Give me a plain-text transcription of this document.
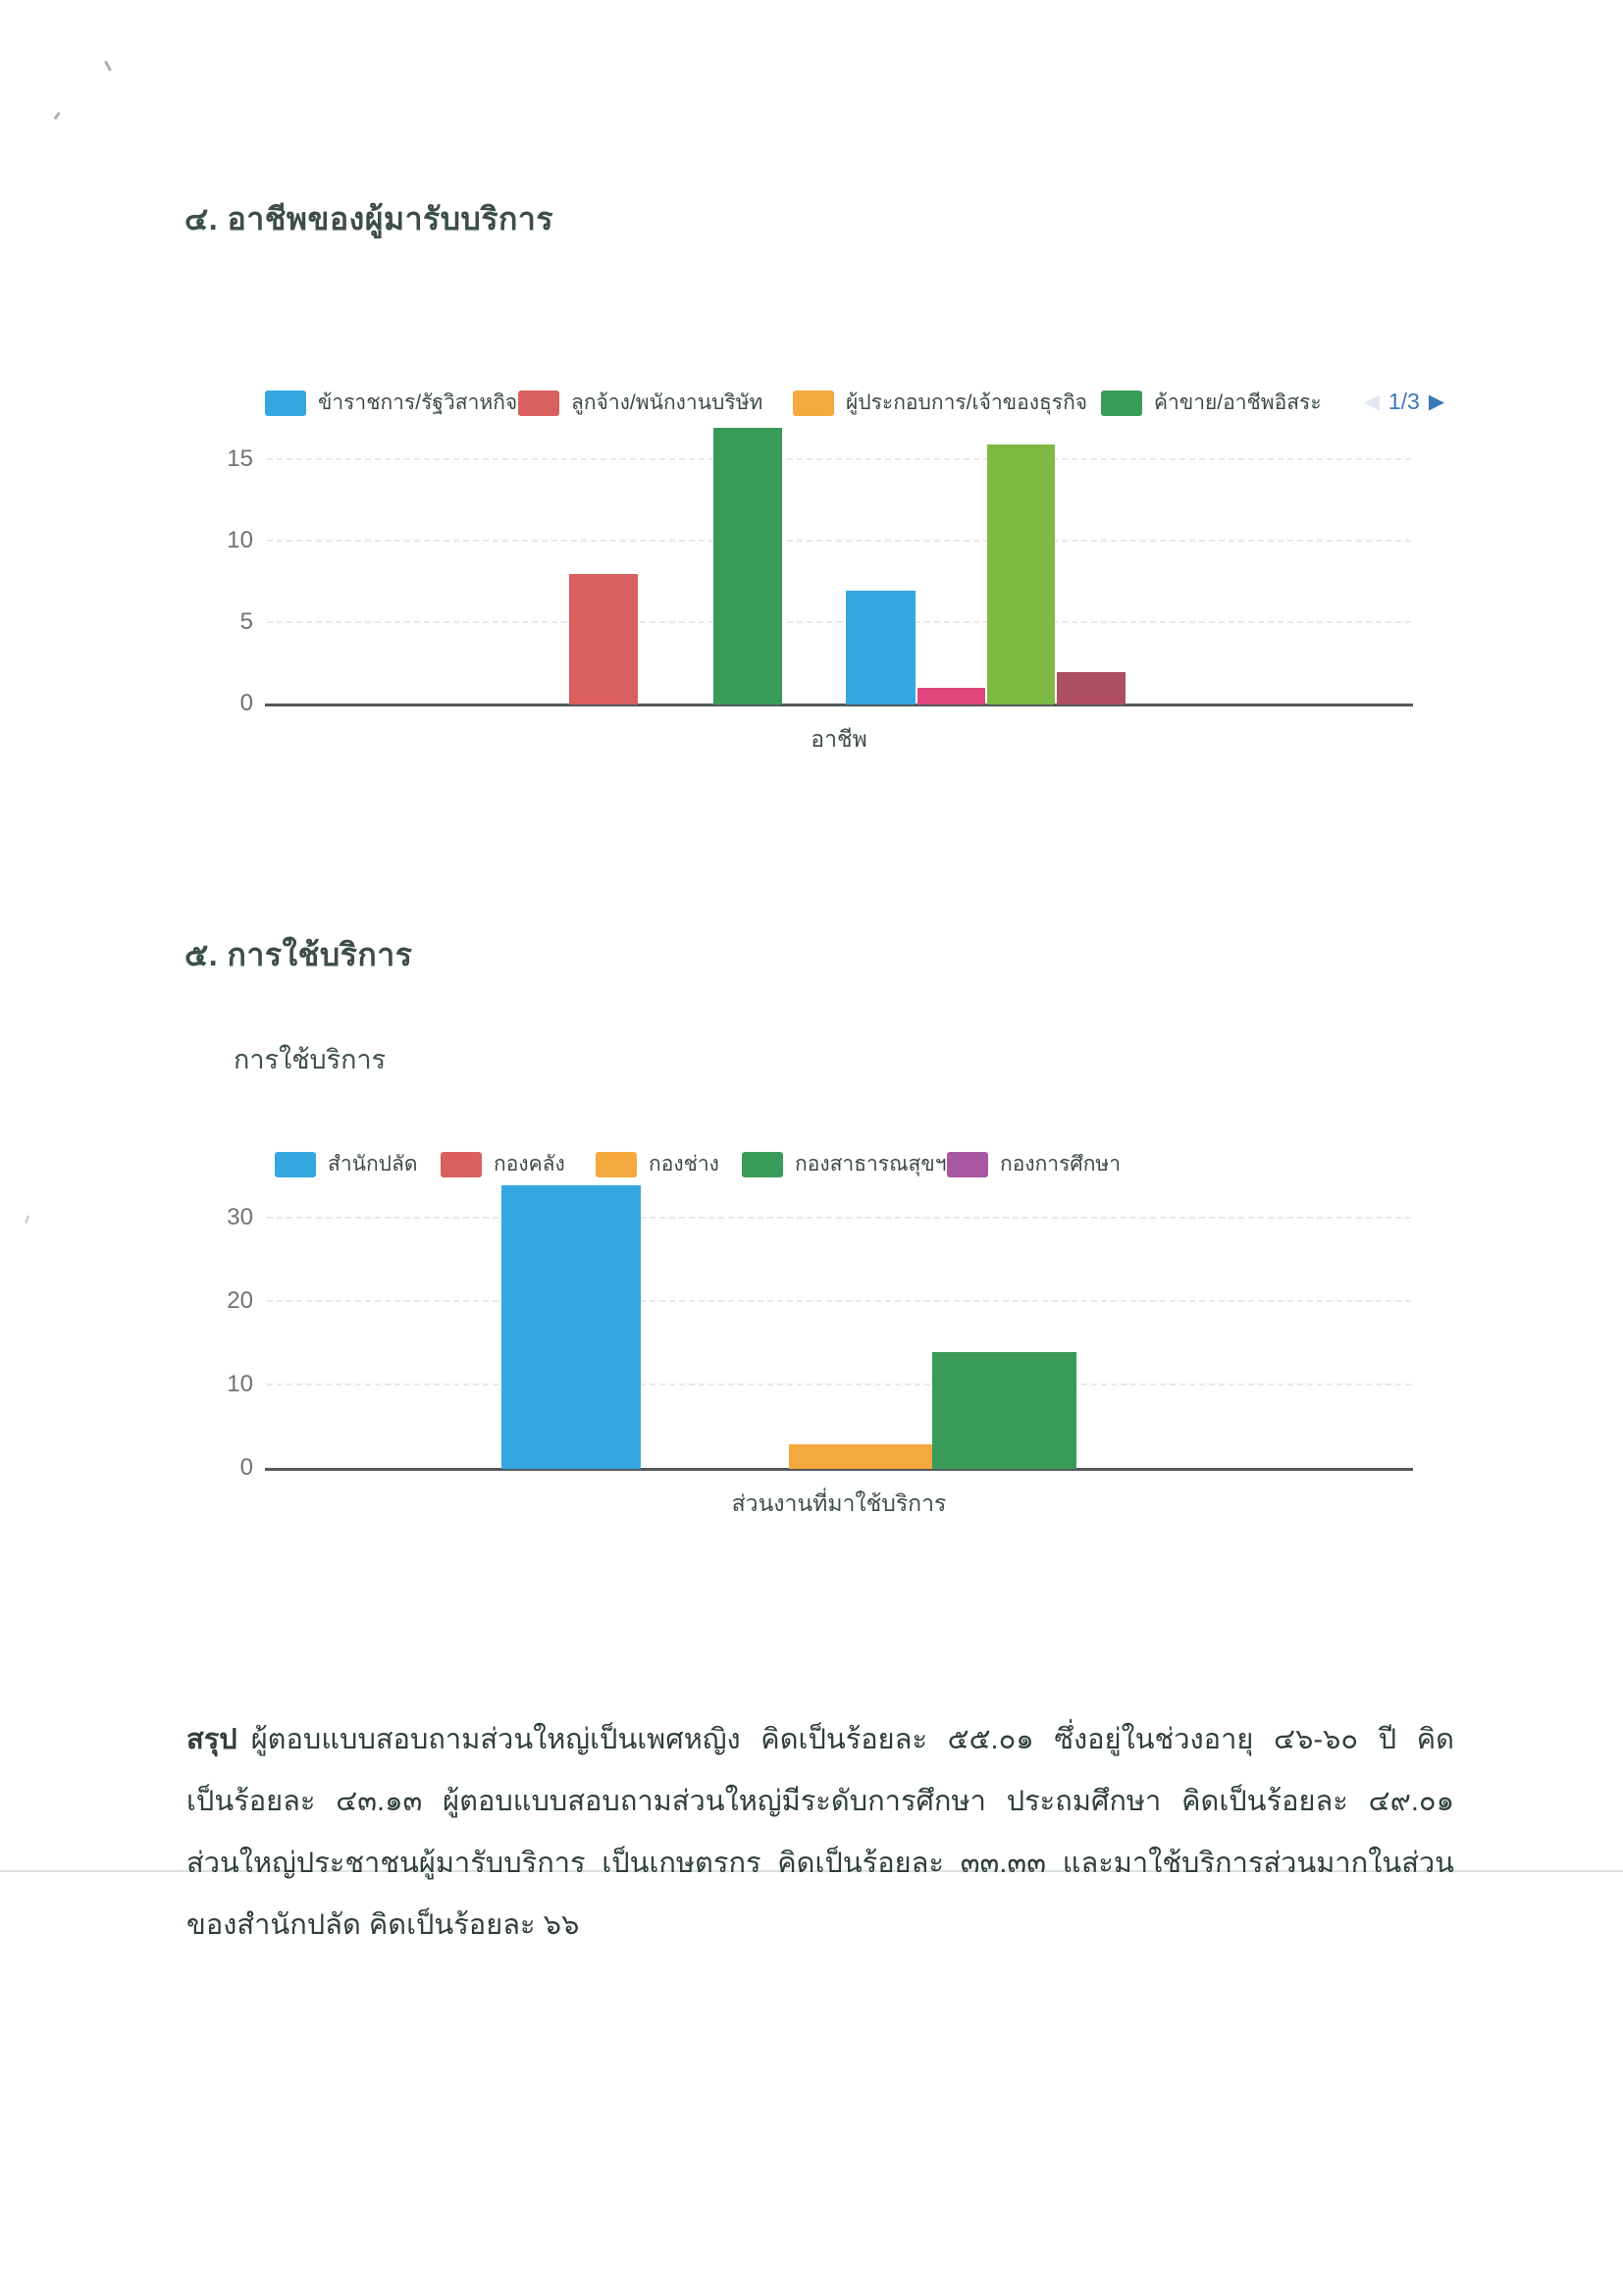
๔. อาชีพของผู้มารับบริการ
ข้าราชการ/รัฐวิสาหกิจ	ลูกจ้าง/พนักงานบริษัท	ผู้ประกอบการ/เจ้าของธุรกิจ	ค้าขาย/อาชีพอิสระ ◀ 1/3 ▶
0
5
10
15
อาชีพ
๕. การใช้บริการ
การใช้บริการ
สำนักปลัด	กองคลัง	กองช่าง	กองสาธารณสุขฯ	กองการศึกษา
0
10
20
30
ส่วนงานที่มาใช้บริการ
สรุป ผู้ตอบแบบสอบถามส่วนใหญ่เป็นเพศหญิง คิดเป็นร้อยละ ๕๕.๐๑ ซึ่งอยู่ในช่วงอายุ ๔๖-๖๐ ปี คิด
เป็นร้อยละ ๔๓.๑๓ ผู้ตอบแบบสอบถามส่วนใหญ่มีระดับการศึกษา ประถมศึกษา คิดเป็นร้อยละ ๔๙.๐๑
ส่วนใหญ่ประชาชนผู้มารับบริการ เป็นเกษตรกร คิดเป็นร้อยละ ๓๓.๓๓ และมาใช้บริการส่วนมากในส่วน
ของสำนักปลัด คิดเป็นร้อยละ ๖๖
